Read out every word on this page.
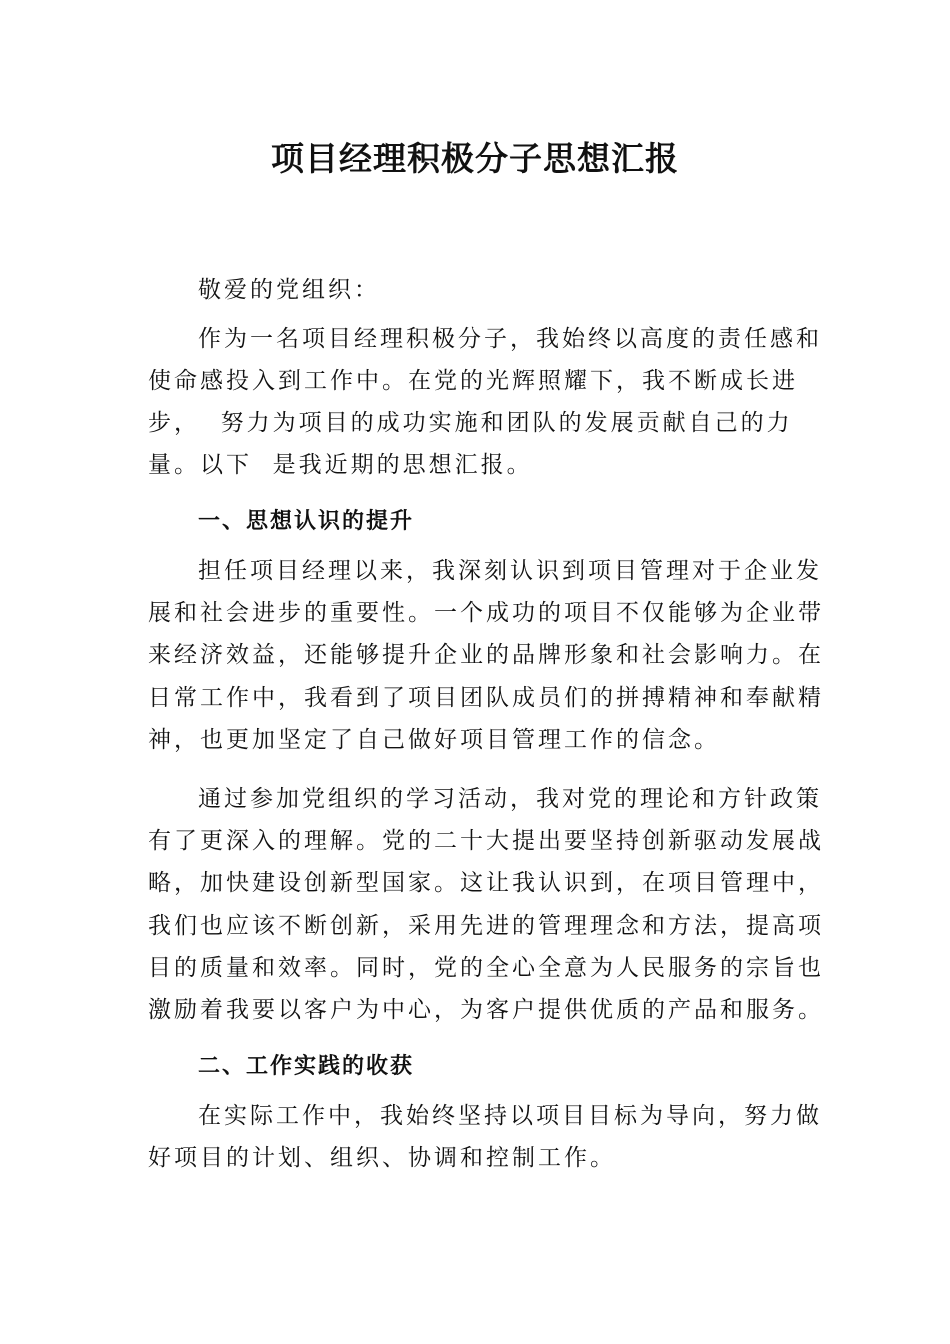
项目经理积极分子思想汇报

敬爱的党组织：

作为一名项目经理积极分子，我始终以高度的责任感和

使命感投入到工作中。在党的光辉照耀下，我不断成长进

步，  努力为项目的成功实施和团队的发展贡献自己的力

量。以下  是我近期的思想汇报。

一、思想认识的提升

担任项目经理以来，我深刻认识到项目管理对于企业发

展和社会进步的重要性。一个成功的项目不仅能够为企业带

来经济效益，还能够提升企业的品牌形象和社会影响力。在

日常工作中，我看到了项目团队成员们的拼搏精神和奉献精

神，也更加坚定了自己做好项目管理工作的信念。

通过参加党组织的学习活动，我对党的理论和方针政策

有了更深入的理解。党的二十大提出要坚持创新驱动发展战

略，加快建设创新型国家。这让我认识到，在项目管理中，

我们也应该不断创新，采用先进的管理理念和方法，提高项

目的质量和效率。同时，党的全心全意为人民服务的宗旨也

激励着我要以客户为中心，为客户提供优质的产品和服务。

二、工作实践的收获

在实际工作中，我始终坚持以项目目标为导向，努力做

好项目的计划、组织、协调和控制工作。
